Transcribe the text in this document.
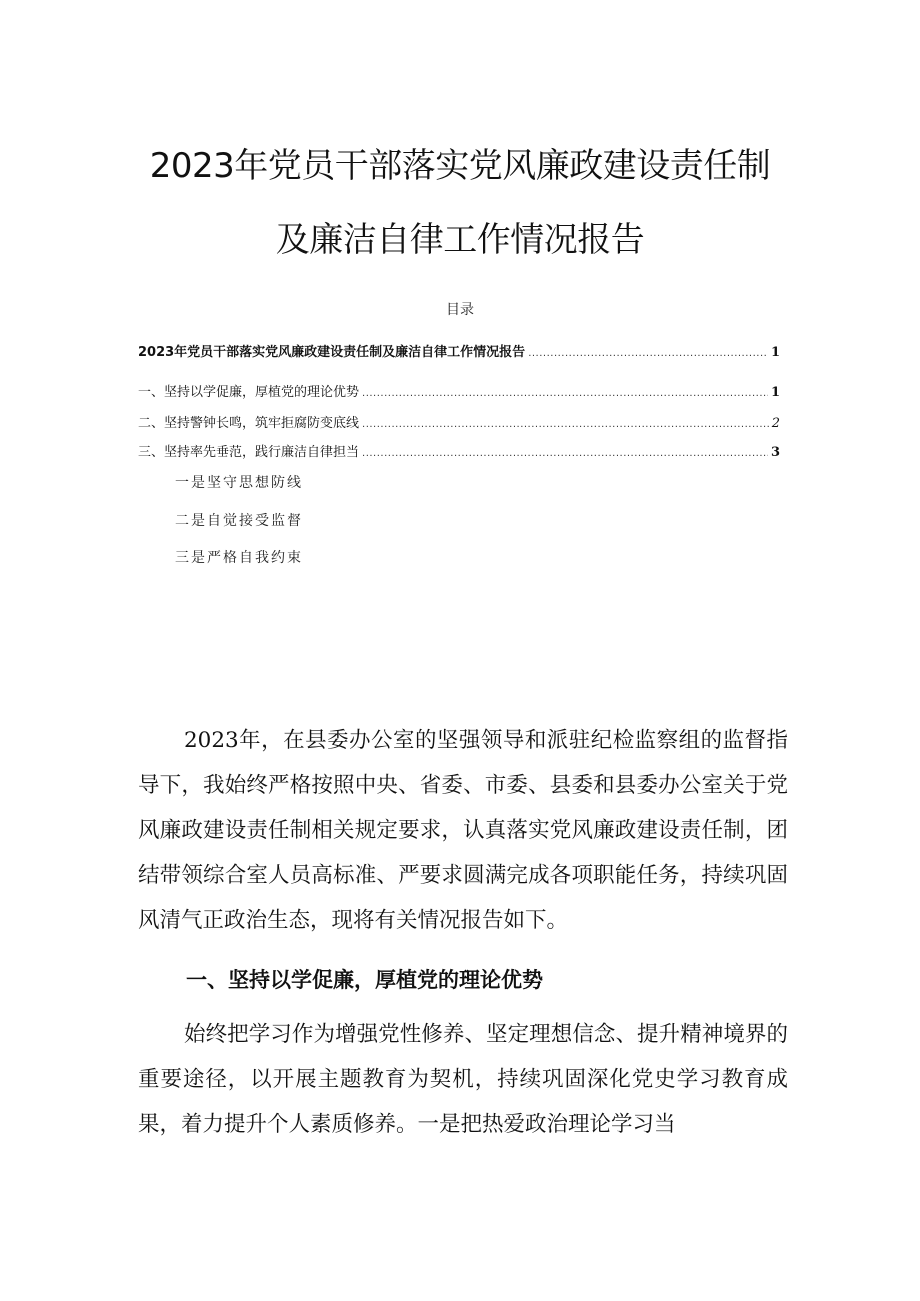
2023年党员干部落实党风廉政建设责任制
及廉洁自律工作情况报告
目录
2023年党员干部落实党风廉政建设责任制及廉洁自律工作情况报告 .....	1
一、坚持以学促廉，厚植党的理论优势 .....	1
二、坚持警钟长鸣，筑牢拒腐防变底线 .....	2
三、坚持率先垂范，践行廉洁自律担当 .....	3
一是坚守思想防线
二是自觉接受监督
三是严格自我约束

2023年，在县委办公室的坚强领导和派驻纪检监察组的监督指导下，我始终严格按照中央、省委、市委、县委和县委办公室关于党风廉政建设责任制相关规定要求，认真落实党风廉政建设责任制，团结带领综合室人员高标准、严要求圆满完成各项职能任务，持续巩固风清气正政治生态，现将有关情况报告如下。

一、坚持以学促廉，厚植党的理论优势

始终把学习作为增强党性修养、坚定理想信念、提升精神境界的重要途径，以开展主题教育为契机，持续巩固深化党史学习教育成果，着力提升个人素质修养。一是把热爱政治理论学习当
